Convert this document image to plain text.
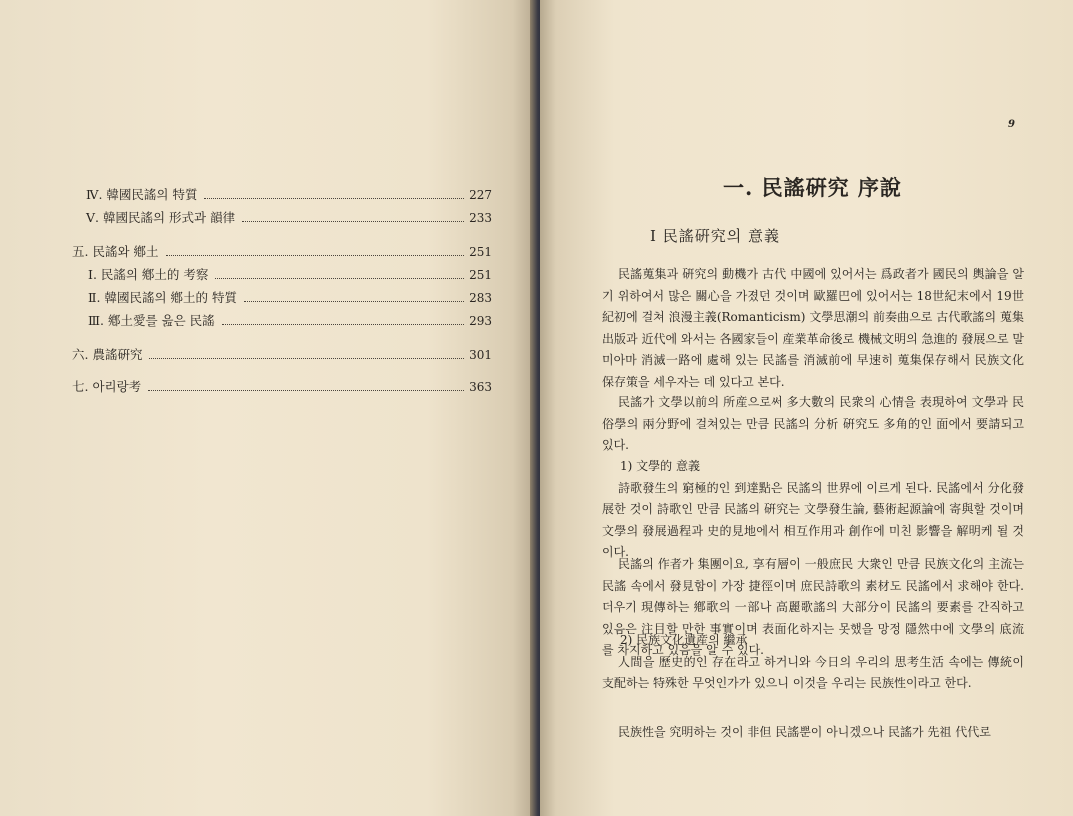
Ⅳ. 韓國民謠의 特質	227
Ⅴ. 韓國民謠의 形式과 韻律	233
五. 民謠와 鄕土	251
Ⅰ. 民謠의 鄕土的 考察	251
Ⅱ. 韓國民謠의 鄕土的 特質	283
Ⅲ. 鄕土愛를 읊은 民謠	293
六. 農謠硏究	301
七. 아리랑考	363
9
一. 民謠硏究 序說
Ⅰ 民謠硏究의 意義

民謠蒐集과 硏究의 動機가 古代 中國에 있어서는 爲政者가 國民의 輿論을 알기 위하여서 많은 關心을 가졌던 것이며 歐羅巴에 있어서는 18世紀末에서 19世紀初에 걸쳐 浪漫主義(Romanticism) 文學思潮의 前奏曲으로 古代歌謠의 蒐集出版과 近代에 와서는 各國家들이 産業革命後로 機械文明의 急進的 發展으로 말미아마 消滅一路에 處해 있는 民謠를 消滅前에 早速히 蒐集保存해서 民族文化 保存策을 세우자는 데 있다고 본다.

民謠가 文學以前의 所産으로써 多大數의 民衆의 心情을 表現하여 文學과 民俗學의 兩分野에 걸쳐있는 만큼 民謠의 分析 硏究도 多角的인 面에서 要請되고 있다.

1) 文學的 意義

詩歌發生의 窮極的인 到達點은 民謠의 世界에 이르게 된다. 民謠에서 分化發展한 것이 詩歌인 만큼 民謠의 硏究는 文學發生論, 藝術起源論에 寄與할 것이며 文學의 發展過程과 史的見地에서 相互作用과 創作에 미친 影響을 解明케 될 것이다.

民謠의 作者가 集團이요, 享有層이 一般庶民 大衆인 만큼 民族文化의 主流는 民謠 속에서 發見함이 가장 捷徑이며 庶民詩歌의 素材도 民謠에서 求해야 한다. 더우기 現傳하는 鄕歌의 一部나 高麗歌謠의 大部分이 民謠의 要素를 간직하고 있음은 注目할 만한 事實이며 表面化하지는 못했을 망정 隱然中에 文學의 底流를 차지하고 있음을 알 수 있다.

2) 民族文化遺産의 繼承

人間을 歷史的인 存在라고 하거니와 今日의 우리의 思考生活 속에는 傳統이 支配하는 特殊한 무엇인가가 있으니 이것을 우리는 民族性이라고 한다.

民族性을 究明하는 것이 非但 民謠뿐이 아니겠으나 民謠가 先祖 代代로
